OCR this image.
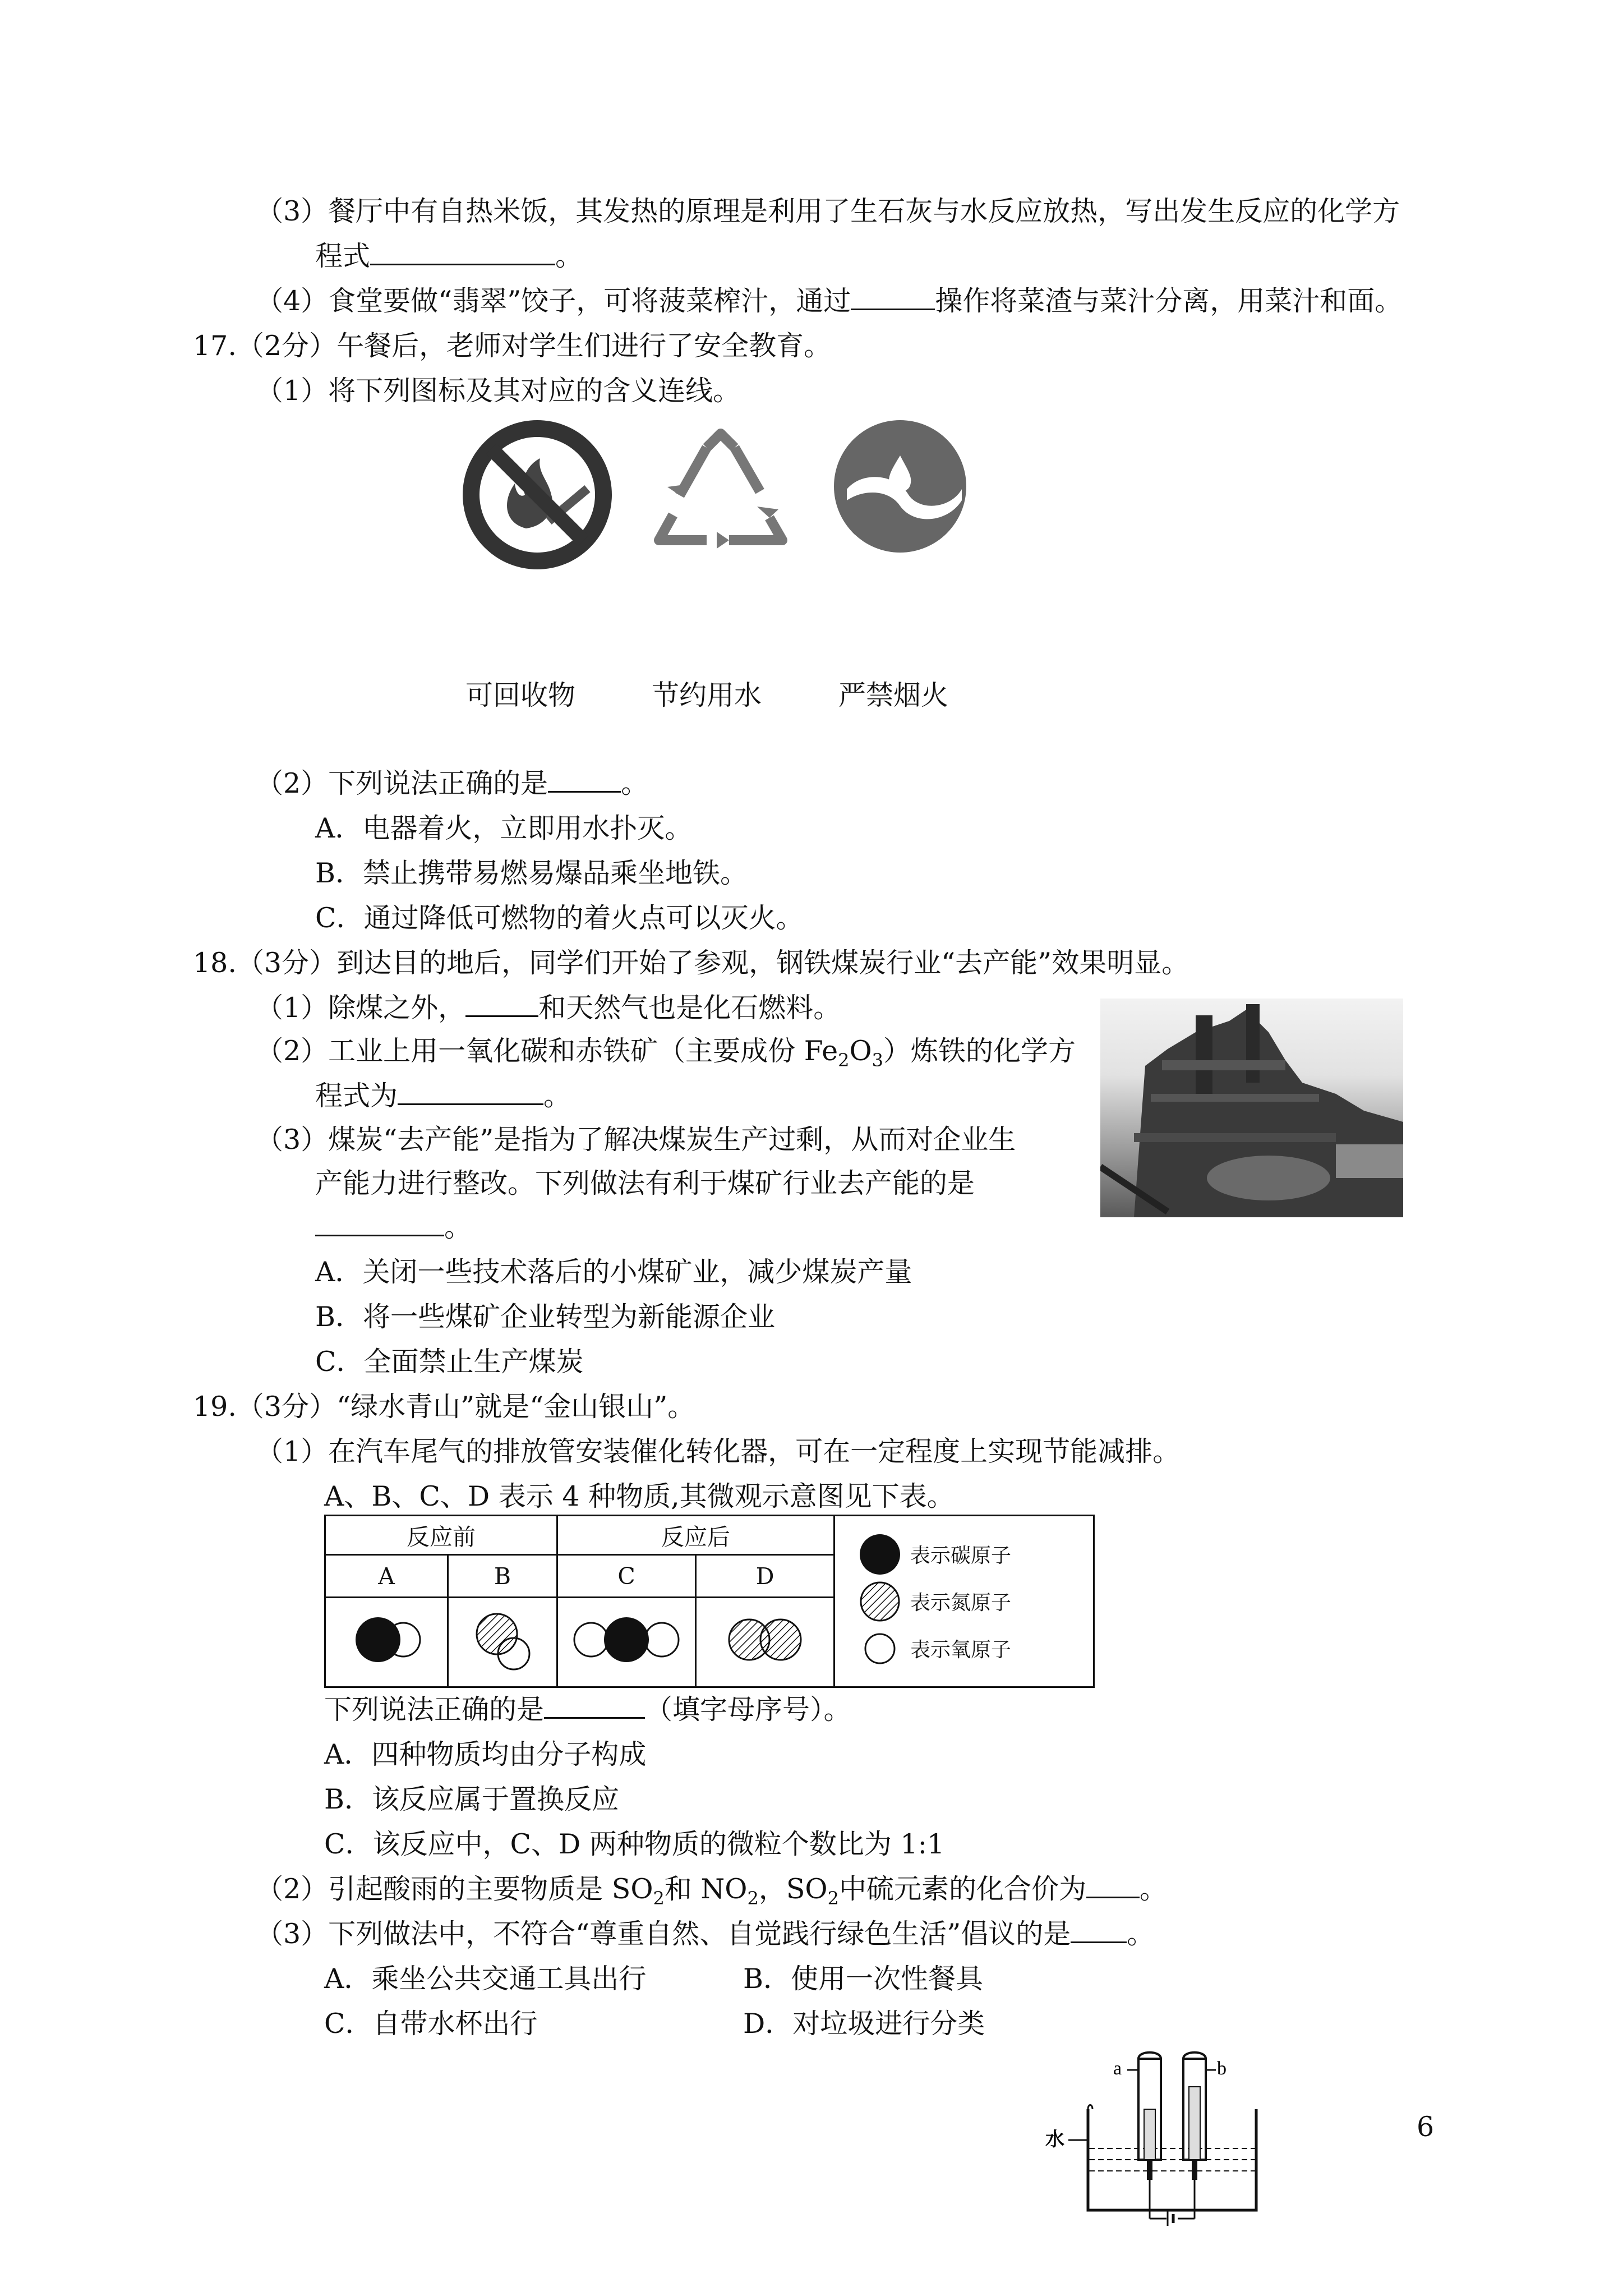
（3）餐厅中有自热米饭，其发热的原理是利用了生石灰与水反应放热，写出发生反应的化学方
程式	。
（4）食堂要做“翡翠”饺子，可将菠菜榨汁，通过	操作将菜渣与菜汁分离，用菜汁和面。
17.（2分）午餐后，老师对学生们进行了安全教育。
（1）将下列图标及其对应的含义连线。
可回收物	节约用水	严禁烟火
（2）下列说法正确的是	。
A．电器着火，立即用水扑灭。
B．禁止携带易燃易爆品乘坐地铁。
C．通过降低可燃物的着火点可以灭火。
18.（3分）到达目的地后，同学们开始了参观，钢铁煤炭行业“去产能”效果明显。
（1）除煤之外，	和天然气也是化石燃料。
（2）工业上用一氧化碳和赤铁矿（主要成份 $Fe_2O_3$）炼铁的化学方
程式为	。
（3）煤炭“去产能”是指为了解决煤炭生产过剩，从而对企业生
产能力进行整改。下列做法有利于煤矿行业去产能的是
。
A．关闭一些技术落后的小煤矿业，减少煤炭产量
B．将一些煤矿企业转型为新能源企业
C．全面禁止生产煤炭
19.（3分）“绿水青山”就是“金山银山”。
（1）在汽车尾气的排放管安装催化转化器，可在一定程度上实现节能减排。
A、B、C、D 表示 4 种物质,其微观示意图见下表。
反应前		反应后		表示碳原子
表示氮原子
表示氧原子

A	B	C	D	

下列说法正确的是	（填字母序号）。
A．四种物质均由分子构成
B．该反应属于置换反应
C．该反应中，C、D 两种物质的微粒个数比为 1:1
（2）引起酸雨的主要物质是 $SO_2$和 $NO_2$，$SO_2$中硫元素的化合价为 。
（3）下列做法中，不符合“尊重自然、自觉践行绿色生活”倡议的是 。
A．乘坐公共交通工具出行	B．使用一次性餐具
C．自带水杯出行	D．对垃圾进行分类
a	b
水	6
